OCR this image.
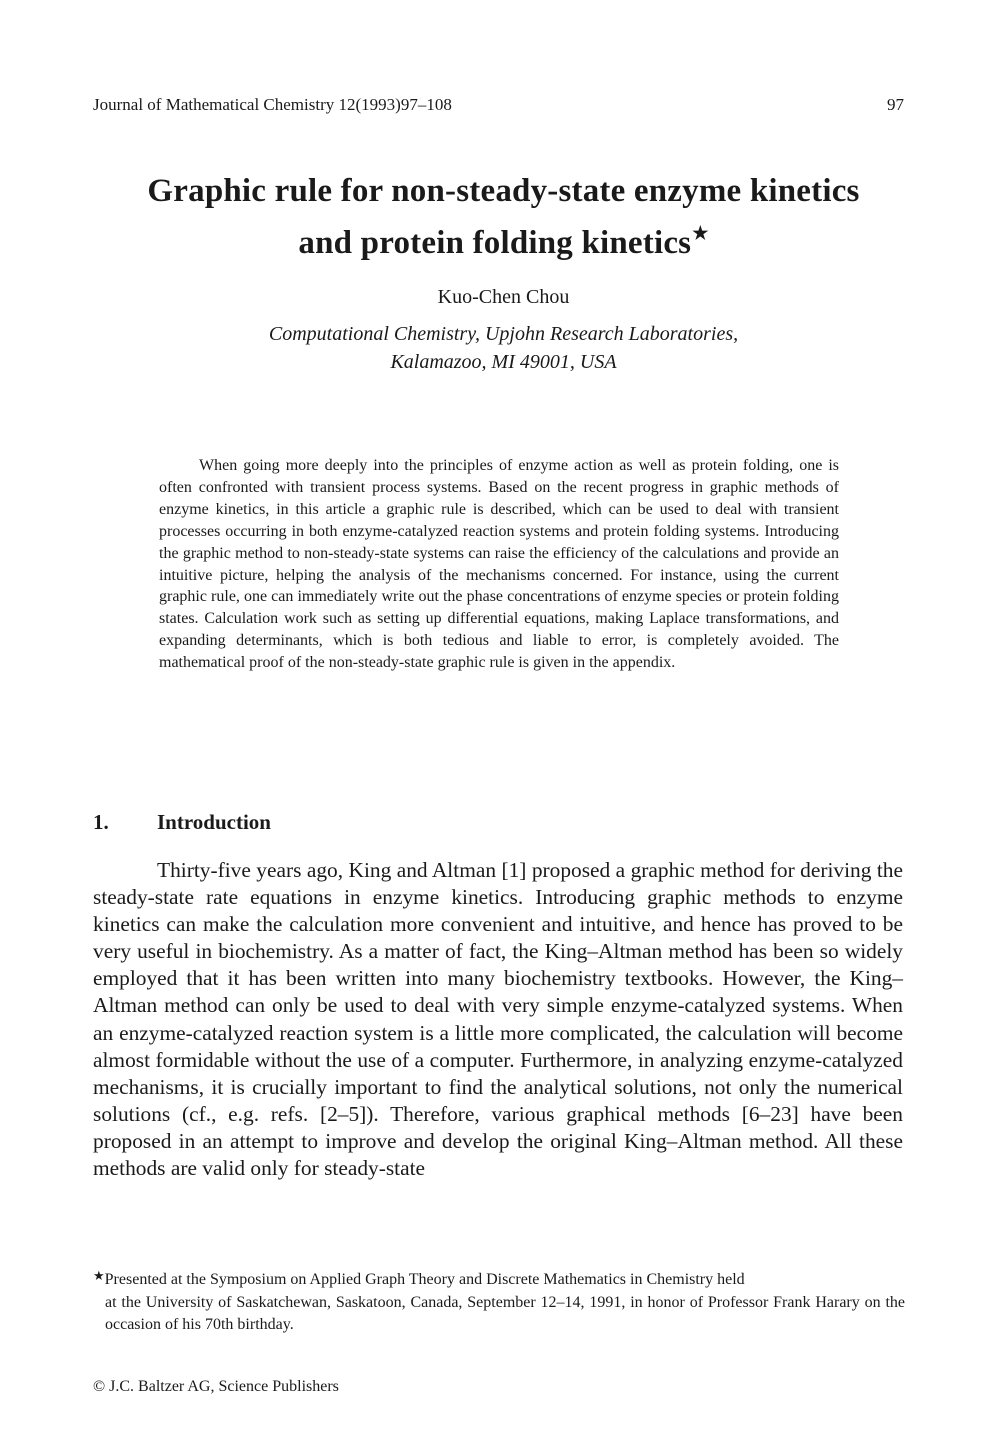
Journal of Mathematical Chemistry 12(1993)97–108	97
Graphic rule for non-steady-state enzyme kinetics
and protein folding kinetics★
Kuo-Chen Chou
Computational Chemistry, Upjohn Research Laboratories,
Kalamazoo, MI 49001, USA
When going more deeply into the principles of enzyme action as well as protein folding, one is often confronted with transient process systems. Based on the recent progress in graphic methods of enzyme kinetics, in this article a graphic rule is described, which can be used to deal with transient processes occurring in both enzyme-catalyzed reaction systems and protein folding systems. Introducing the graphic method to non-steady-state systems can raise the efficiency of the calculations and provide an intuitive picture, helping the analysis of the mechanisms concerned. For instance, using the current graphic rule, one can immediately write out the phase concentrations of enzyme species or protein folding states. Calculation work such as setting up differential equations, making Laplace transformations, and expanding determinants, which is both tedious and liable to error, is completely avoided. The mathematical proof of the non-steady-state graphic rule is given in the appendix.
1. Introduction
Thirty-five years ago, King and Altman [1] proposed a graphic method for deriving the steady-state rate equations in enzyme kinetics. Introducing graphic methods to enzyme kinetics can make the calculation more convenient and intuitive, and hence has proved to be very useful in biochemistry. As a matter of fact, the King–Altman method has been so widely employed that it has been written into many biochemistry textbooks. However, the King–Altman method can only be used to deal with very simple enzyme-catalyzed systems. When an enzyme-catalyzed reaction system is a little more complicated, the calculation will become almost formidable without the use of a computer. Furthermore, in analyzing enzyme-catalyzed mechanisms, it is crucially important to find the analytical solutions, not only the numerical solutions (cf., e.g. refs. [2–5]). Therefore, various graphical methods [6–23] have been proposed in an attempt to improve and develop the original King–Altman method. All these methods are valid only for steady-state
★Presented at the Symposium on Applied Graph Theory and Discrete Mathematics in Chemistry held
at the University of Saskatchewan, Saskatoon, Canada, September 12–14, 1991, in honor of Professor Frank Harary on the occasion of his 70th birthday.
© J.C. Baltzer AG, Science Publishers
